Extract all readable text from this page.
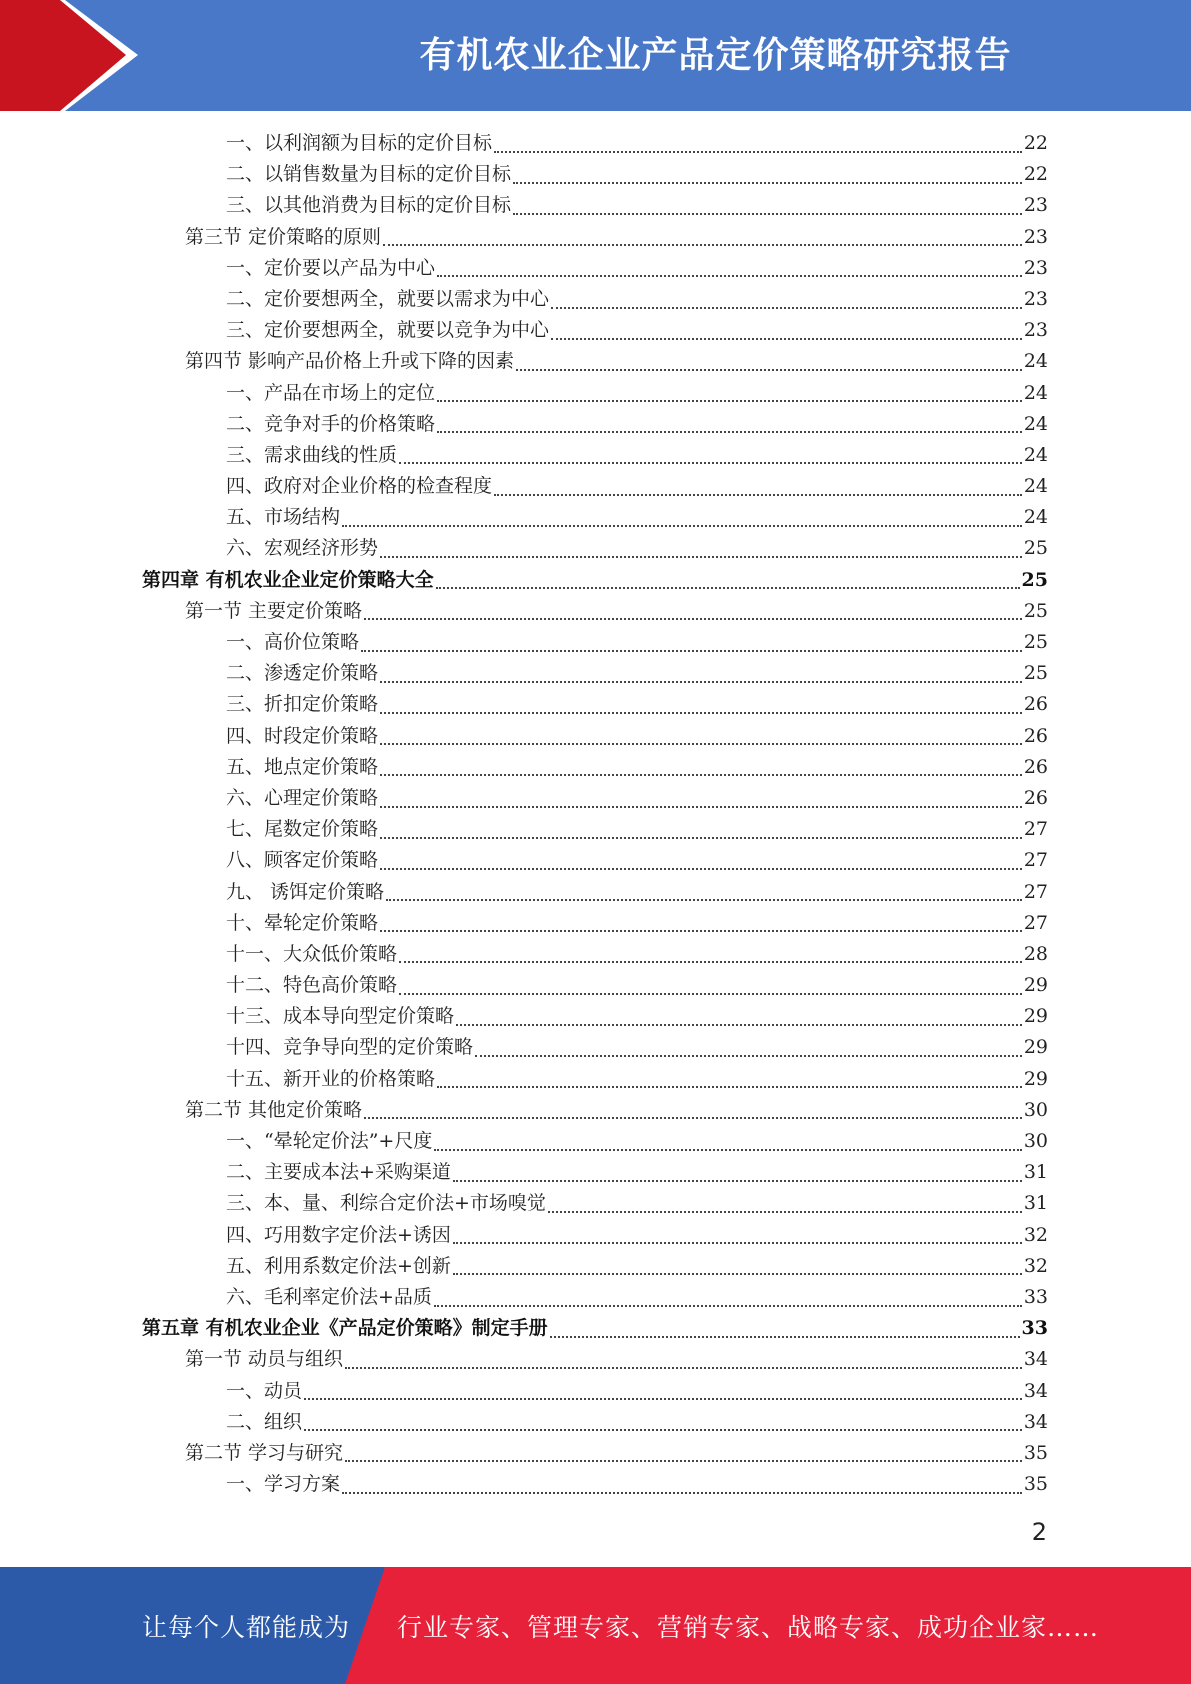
有机农业企业产品定价策略研究报告
一、以利润额为目标的定价目标	22
二、以销售数量为目标的定价目标	22
三、以其他消费为目标的定价目标	23
第三节 定价策略的原则	23
一、定价要以产品为中心	23
二、定价要想两全，就要以需求为中心	23
三、定价要想两全，就要以竞争为中心	23
第四节 影响产品价格上升或下降的因素	24
一、产品在市场上的定位	24
二、竞争对手的价格策略	24
三、需求曲线的性质	24
四、政府对企业价格的检查程度	24
五、市场结构	24
六、宏观经济形势	25
第四章 有机农业企业定价策略大全	25
第一节 主要定价策略	25
一、高价位策略	25
二、渗透定价策略	25
三、折扣定价策略	26
四、时段定价策略	26
五、地点定价策略	26
六、心理定价策略	26
七、尾数定价策略	27
八、顾客定价策略	27
九、 诱饵定价策略	27
十、晕轮定价策略	27
十一、大众低价策略	28
十二、特色高价策略	29
十三、成本导向型定价策略	29
十四、竞争导向型的定价策略	29
十五、新开业的价格策略	29
第二节 其他定价策略	30
一、“晕轮定价法”+尺度	30
二、主要成本法+采购渠道	31
三、本、量、利综合定价法+市场嗅觉	31
四、巧用数字定价法+诱因	32
五、利用系数定价法+创新	32
六、毛利率定价法+品质	33
第五章 有机农业企业《产品定价策略》制定手册	33
第一节 动员与组织	34
一、动员	34
二、组织	34
第二节 学习与研究	35
一、学习方案	35
2
让每个人都能成为 行业专家、管理专家、营销专家、战略专家、成功企业家……
